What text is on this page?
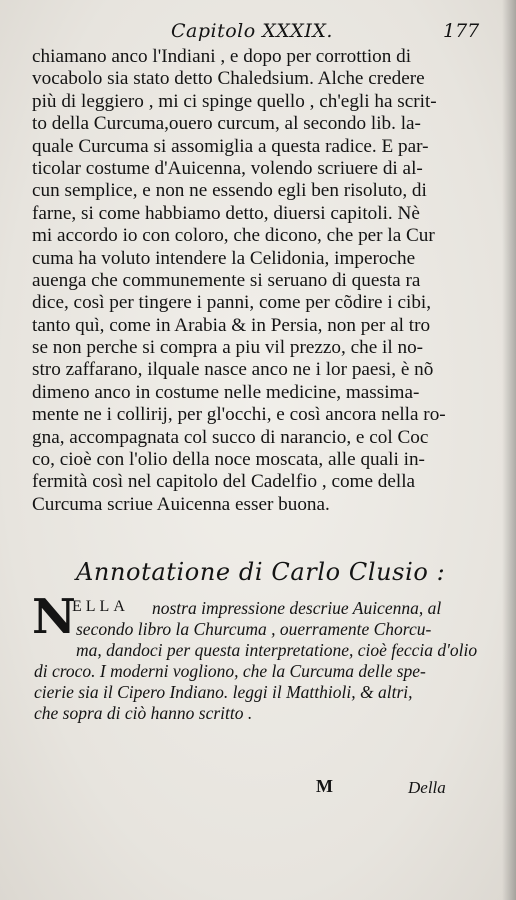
Capitolo XXXIX.	177
chiamano anco l'Indiani , e dopo per corrottion di
vocabolo sia stato detto Chaledsium. Alche credere
più di leggiero , mi ci spinge quello , ch'egli ha scrit-
to della Curcuma,ouero curcum, al secondo lib. la-
quale Curcuma si assomiglia a questa radice. E par-
ticolar costume d'Auicenna, volendo scriuere di al-
cun semplice, e non ne essendo egli ben risoluto, di
farne, si come habbiamo detto, diuersi capitoli. Nè
mi accordo io con coloro, che dicono, che per la Cur
cuma ha voluto intendere la Celidonia, imperoche
auenga che communemente si seruano di questa ra
dice, così per tingere i panni, come per cõdire i cibi,
tanto quì, come in Arabia & in Persia, non per al tro
se non perche si compra a piu vil prezzo, che il no-
stro zaffarano, ilquale nasce anco ne i lor paesi, è nõ
dimeno anco in costume nelle medicine, massima-
mente ne i collirij, per gl'occhi, e così ancora nella ro-
gna, accompagnata col succo di narancio, e col Coc
co, cioè con l'olio della noce moscata, alle quali in-
fermità così nel capitolo del Cadelfio , come della
Curcuma scriue Auicenna esser buona.
Annotatione di Carlo Clusio :
N
ELLA	nostra impressione descriue Auicenna, al
secondo libro la Churcuma , ouerramente Chorcu-
ma, dandoci per questa interpretatione, cioè feccia d'olio
di croco. I moderni vogliono, che la Curcuma delle spe-
cierie sia il Cipero Indiano. leggi il Matthioli, & altri,
che sopra di ciò hanno scritto .
M	Della
